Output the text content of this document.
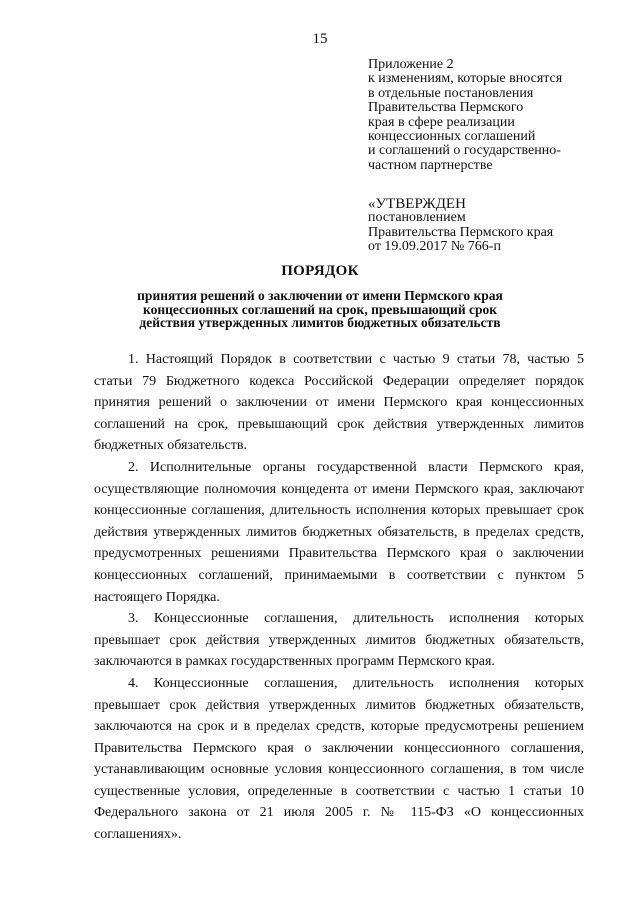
15
Приложение 2
к изменениям, которые вносятся
в отдельные постановления
Правительства Пермского
края в сфере реализации
концессионных соглашений
и соглашений о государственно-
частном партнерстве
«УТВЕРЖДЕН
постановлением
Правительства Пермского края
от 19.09.2017 № 766-п
ПОРЯДОК
принятия решений о заключении от имени Пермского края
концессионных соглашений на срок, превышающий срок
действия утвержденных лимитов бюджетных обязательств

1. Настоящий Порядок в соответствии с частью 9 статьи 78, частью 5 статьи 79 Бюджетного кодекса Российской Федерации определяет порядок принятия решений о заключении от имени Пермского края концессионных соглашений на срок, превышающий срок действия утвержденных лимитов бюджетных обязательств.

2. Исполнительные органы государственной власти Пермского края, осуществляющие полномочия концедента от имени Пермского края, заключают концессионные соглашения, длительность исполнения которых превышает срок действия утвержденных лимитов бюджетных обязательств, в пределах средств, предусмотренных решениями Правительства Пермского края о заключении концессионных соглашений, принимаемыми в соответствии с пунктом 5 настоящего Порядка.

3. Концессионные соглашения, длительность исполнения которых превышает срок действия утвержденных лимитов бюджетных обязательств, заключаются в рамках государственных программ Пермского края.

4. Концессионные соглашения, длительность исполнения которых превышает срок действия утвержденных лимитов бюджетных обязательств, заключаются на срок и в пределах средств, которые предусмотрены решением Правительства Пермского края о заключении концессионного соглашения, устанавливающим основные условия концессионного соглашения, в том числе существенные условия, определенные в соответствии с частью 1 статьи 10 Федерального закона от 21 июля 2005 г. № 115-ФЗ «О концессионных соглашениях».
